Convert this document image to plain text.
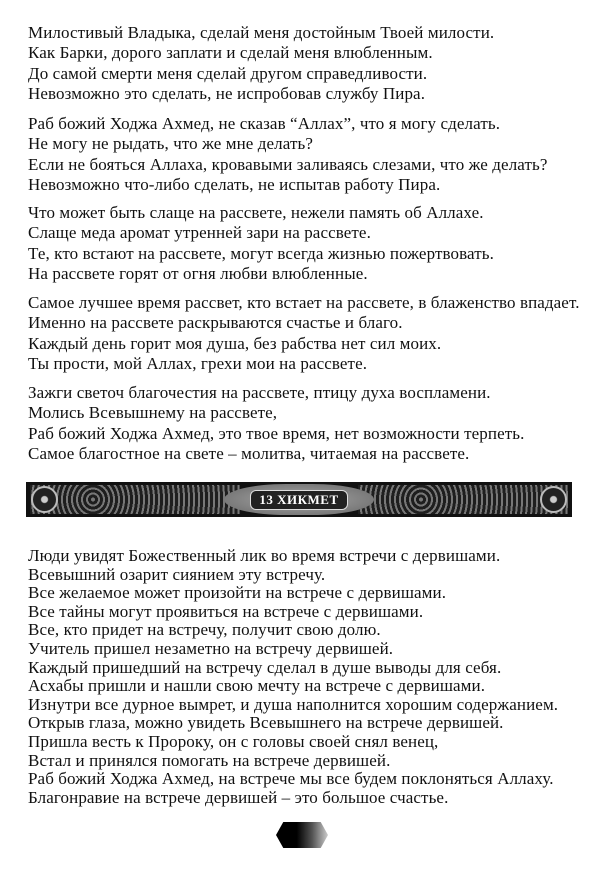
Милостивый Владыка, сделай меня достойным Твоей милости.
Как Барки, дорого заплати и сделай меня влюбленным.
До самой смерти меня сделай другом справедливости.
Невозможно это сделать, не испробовав службу Пира.
Раб божий Ходжа Ахмед, не сказав “Аллах”, что я могу сделать.
Не могу не рыдать, что же мне делать?
Если не бояться Аллаха, кровавыми заливаясь слезами, что же делать?
Невозможно что-либо сделать, не испытав работу Пира.
Что может быть слаще на рассвете, нежели память об Аллахе.
Слаще меда аромат утренней зари на рассвете.
Те, кто встают на рассвете, могут всегда жизнью пожертвовать.
На рассвете горят от огня любви влюбленные.
Самое лучшее время рассвет, кто встает на рассвете, в блаженство впадает.
Именно на рассвете раскрываются счастье и благо.
Каждый день горит моя душа, без рабства нет сил моих.
Ты прости, мой Аллах, грехи мои на рассвете.
Зажги светоч благочестия на рассвете, птицу духа воспламени.
Молись Всевышнему на рассвете,
Раб божий Ходжа Ахмед, это твое время, нет возможности терпеть.
Самое благостное на свете – молитва, читаемая на рассвете.
13 ХИКМЕТ
Люди увидят Божественный лик во время встречи с дервишами.
Всевышний озарит сиянием эту встречу.
Все желаемое может произойти на встрече с дервишами.
Все тайны могут проявиться на встрече с дервишами.
Все, кто придет на встречу, получит свою долю.
Учитель пришел незаметно на встречу дервишей.
Каждый пришедший на встречу сделал в душе выводы для себя.
Асхабы пришли и нашли свою мечту на встрече с дервишами.
Изнутри все дурное вымрет, и душа наполнится хорошим содержанием.
Открыв глаза, можно увидеть Всевышнего на встрече дервишей.
Пришла весть к Пророку, он с головы своей снял венец,
Встал и принялся помогать на встрече дервишей.
Раб божий Ходжа Ахмед, на встрече мы все будем поклоняться Аллаху.
Благонравие на встрече дервишей – это большое счастье.
